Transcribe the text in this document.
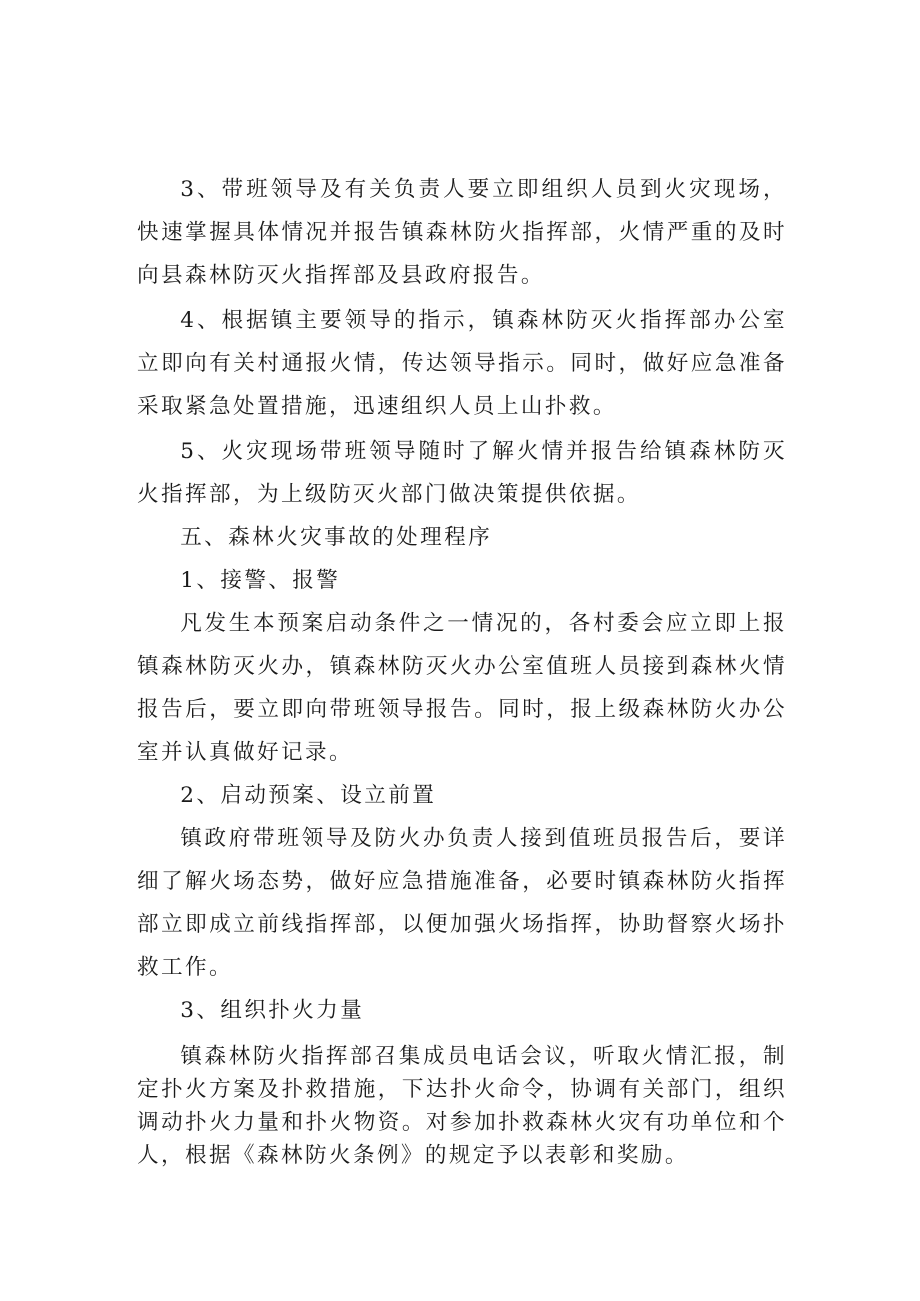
3、带班领导及有关负责人要立即组织人员到火灾现场，快速掌握具体情况并报告镇森林防火指挥部，火情严重的及时向县森林防灭火指挥部及县政府报告。

4、根据镇主要领导的指示，镇森林防灭火指挥部办公室立即向有关村通报火情，传达领导指示。同时，做好应急准备采取紧急处置措施，迅速组织人员上山扑救。

5、火灾现场带班领导随时了解火情并报告给镇森林防灭火指挥部，为上级防灭火部门做决策提供依据。

五、森林火灾事故的处理程序

1、接警、报警

凡发生本预案启动条件之一情况的，各村委会应立即上报镇森林防灭火办，镇森林防灭火办公室值班人员接到森林火情报告后，要立即向带班领导报告。同时，报上级森林防火办公室并认真做好记录。

2、启动预案、设立前置

镇政府带班领导及防火办负责人接到值班员报告后，要详细了解火场态势，做好应急措施准备，必要时镇森林防火指挥部立即成立前线指挥部，以便加强火场指挥，协助督察火场扑救工作。

3、组织扑火力量

镇森林防火指挥部召集成员电话会议，听取火情汇报，制定扑火方案及扑救措施，下达扑火命令，协调有关部门，组织调动扑火力量和扑火物资。对参加扑救森林火灾有功单位和个人，根据《森林防火条例》的规定予以表彰和奖励。
